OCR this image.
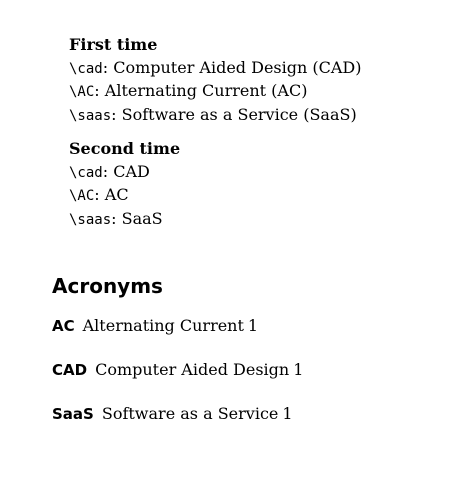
First time
\cad: Computer Aided Design (CAD)
\AC: Alternating Current (AC)
\saas: Software as a Service (SaaS)
Second time
\cad: CAD
\AC: AC
\saas: SaaS
Acronyms
AC Alternating Current 1
CAD Computer Aided Design 1
SaaS Software as a Service 1
